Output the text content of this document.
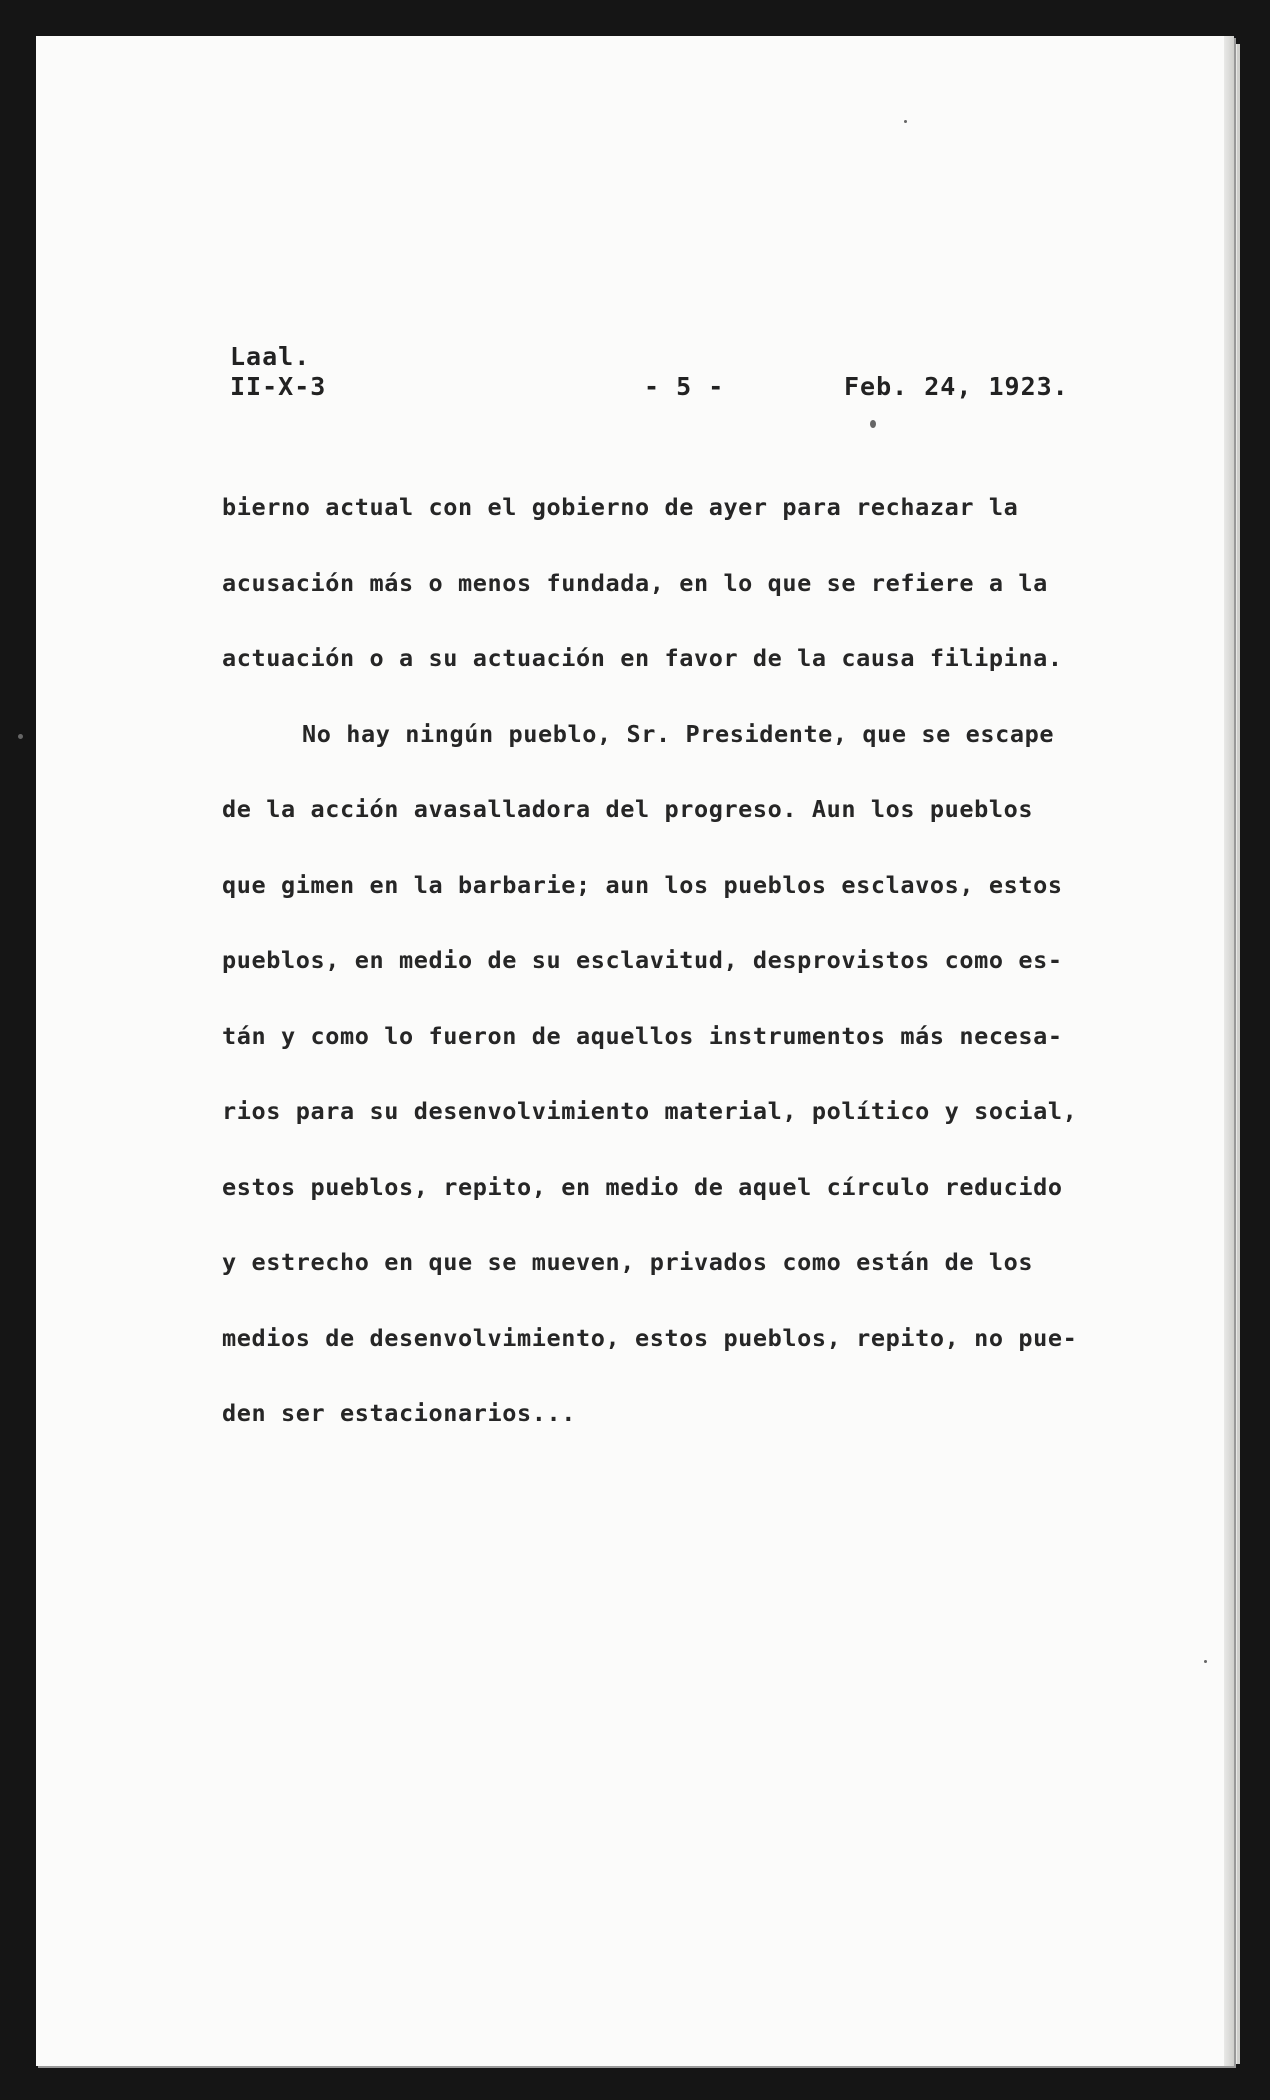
Laal.
II-X-3	- 5 -	Feb. 24, 1923.
bierno actual con el gobierno de ayer para rechazar la
acusación más o menos fundada, en lo que se refiere a la
actuación o a su actuación en favor de la causa filipina.
No hay ningún pueblo, Sr. Presidente, que se escape
de la acción avasalladora del progreso. Aun los pueblos
que gimen en la barbarie; aun los pueblos esclavos, estos
pueblos, en medio de su esclavitud, desprovistos como es-
tán y como lo fueron de aquellos instrumentos más necesa-
rios para su desenvolvimiento material, político y social,
estos pueblos, repito, en medio de aquel círculo reducido
y estrecho en que se mueven, privados como están de los
medios de desenvolvimiento, estos pueblos, repito, no pue-
den ser estacionarios...
